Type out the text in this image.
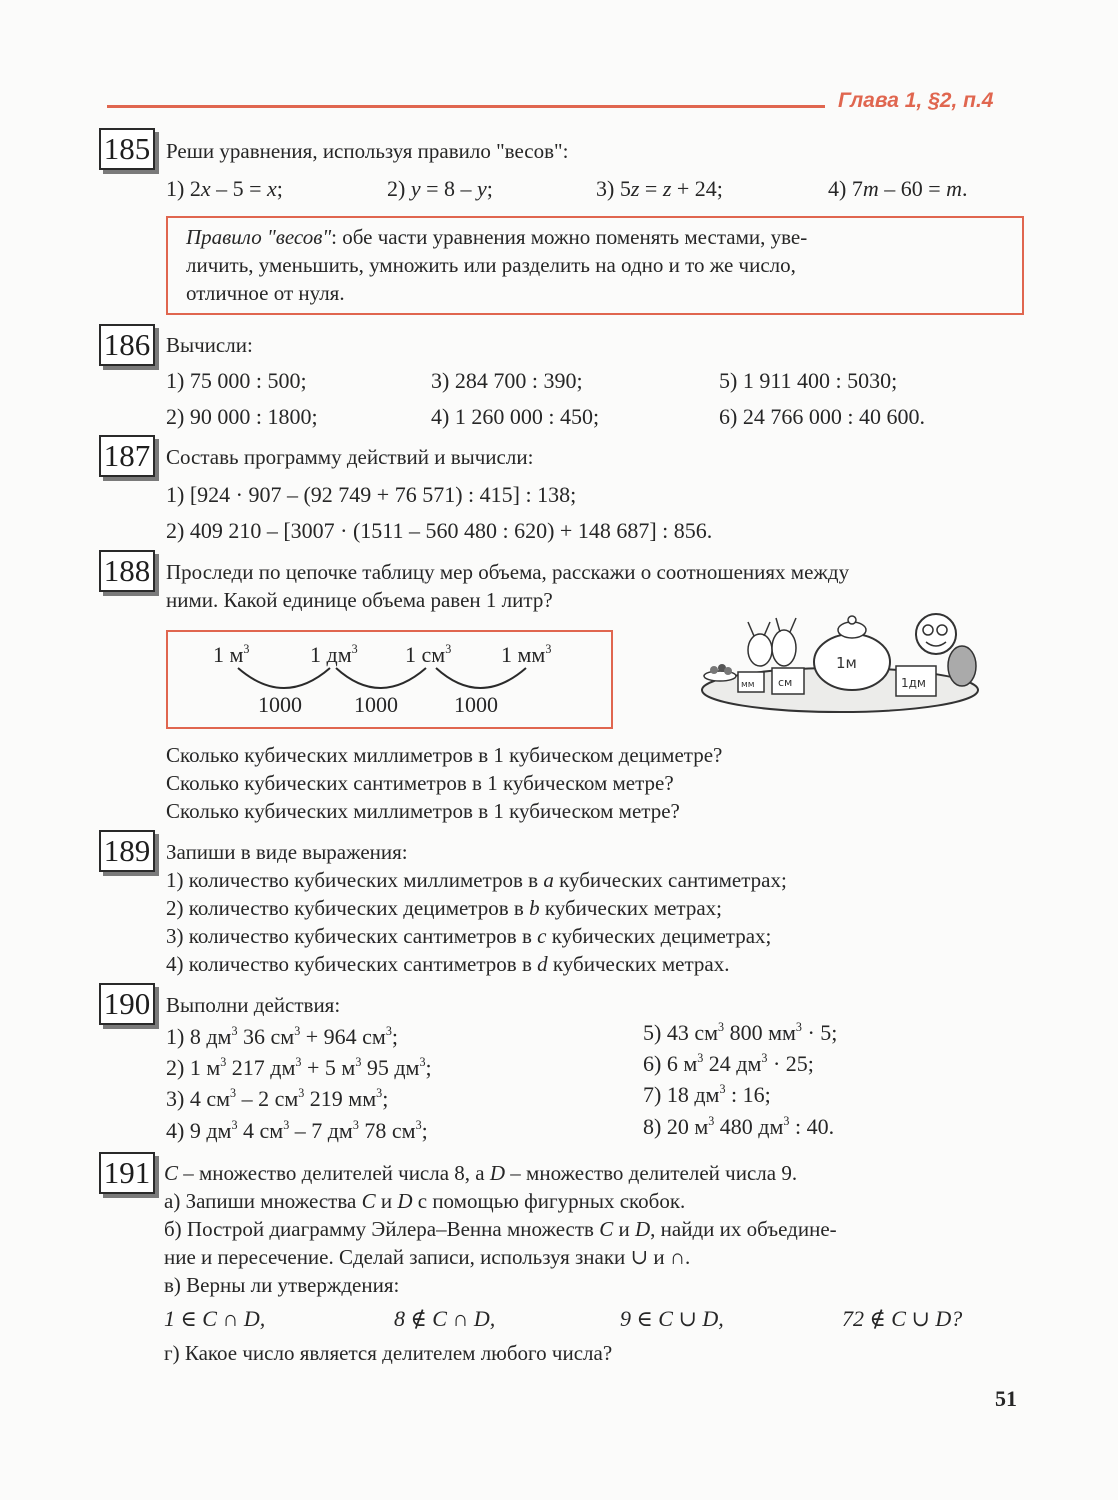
Глава 1, §2, п.4
185 Реши уравнения, используя правило "весов":
1) 2x – 5 = x;	2) y = 8 – y;	3) 5z = z + 24;	4) 7m – 60 = m.
Правило "весов": обе части уравнения можно поменять местами, уве-
личить, уменьшить, умножить или разделить на одно и то же число,
отличное от нуля.
186 Вычисли:
1) 75 000 : 500;
2) 90 000 : 1800;
3) 284 700 : 390;
4) 1 260 000 : 450;
5) 1 911 400 : 5030;
6) 24 766 000 : 40 600.
187 Составь программу действий и вычисли:
1) [924 · 907 – (92 749 + 76 571) : 415] : 138;
2) 409 210 – [3007 · (1511 – 560 480 : 620) + 148 687] : 856.
188 Проследи по цепочке таблицу мер объема, расскажи о соотношениях между
ними. Какой единице объема равен 1 литр?
1 $м^3$	1 $дм^3$ 1 $см^3$ 1 $мм^3$
1000 1000	1000
мм см
1м
1дм
Сколько кубических миллиметров в 1 кубическом дециметре?
Сколько кубических сантиметров в 1 кубическом метре?
Сколько кубических миллиметров в 1 кубическом метре?
189 Запиши в виде выражения:
1) количество кубических миллиметров в a кубических сантиметрах;
2) количество кубических дециметров в b кубических метрах;
3) количество кубических сантиметров в c кубических дециметрах;
4) количество кубических сантиметров в d кубических метрах.
190 Выполни действия:
1) 8 $дм^3$ 36 $см^3 + 964$ $см^3$;
2) 1 $м^3$ 217 $дм^3 + 5$ $м^3$ 95 $дм^3$;
3) 4 $см^3 - 2$ $см^3$ 219 $мм^3$;
4) 9 $дм^3$ 4 $см^3 - 7$ $дм^3$ 78 $см^3$;
5) 43 $см^3$ 800 $мм^3 \cdot 5$;
6) 6 $м^3$ 24 $дм^3 \cdot 25$;
7) 18 $дм^3$ : 16;
8) 20 $м^3$ 480 $дм^3$ : 40.
191 C – множество делителей числа 8, а D – множество делителей числа 9.
а) Запиши множества C и D с помощью фигурных скобок.
б) Построй диаграмму Эйлера–Венна множеств C и D, найди их объедине-
ние и пересечение. Сделай записи, используя знаки ∪ и ∩.
в) Верны ли утверждения:
1 ∈ C ∩ D,	8 ∉ C ∩ D,	9 ∈ C ∪ D,	72 ∉ C ∪ D?
г) Какое число является делителем любого числа?
51
